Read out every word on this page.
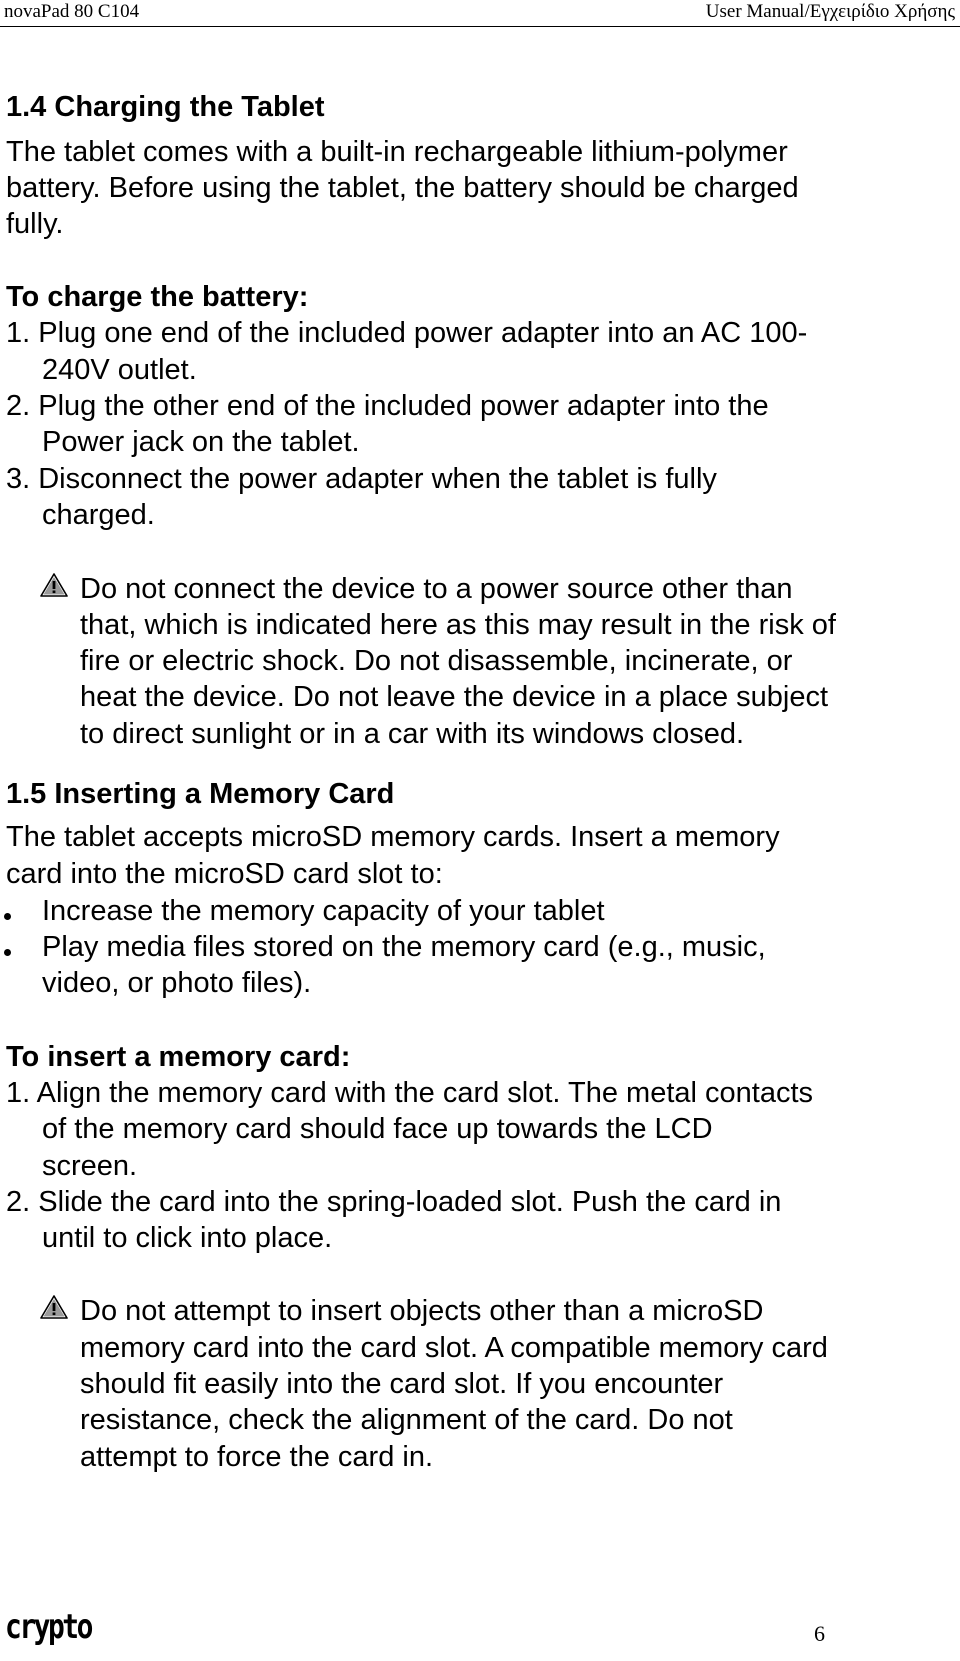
novaPad 80 C104	User Manual/Εγχειρίδιο Χρήσης
1.4 Charging the Tablet
The tablet comes with a built-in rechargeable lithium-polymer
battery. Before using the tablet, the battery should be charged
fully.
To charge the battery:
1. Plug one end of the included power adapter into an AC 100-
240V outlet.
2. Plug the other end of the included power adapter into the
Power jack on the tablet.
3. Disconnect the power adapter when the tablet is fully
charged.
Do not connect the device to a power source other than
that, which is indicated here as this may result in the risk of
fire or electric shock. Do not disassemble, incinerate, or
heat the device. Do not leave the device in a place subject
to direct sunlight or in a car with its windows closed.
1.5 Inserting a Memory Card
The tablet accepts microSD memory cards. Insert a memory
card into the microSD card slot to:
Increase the memory capacity of your tablet
Play media files stored on the memory card (e.g., music,
video, or photo files).
To insert a memory card:
1. Align the memory card with the card slot. The metal contacts
of the memory card should face up towards the LCD
screen.
2. Slide the card into the spring-loaded slot. Push the card in
until to click into place.
Do not attempt to insert objects other than a microSD
memory card into the card slot. A compatible memory card
should fit easily into the card slot. If you encounter
resistance, check the alignment of the card. Do not
attempt to force the card in.
crypto	6
